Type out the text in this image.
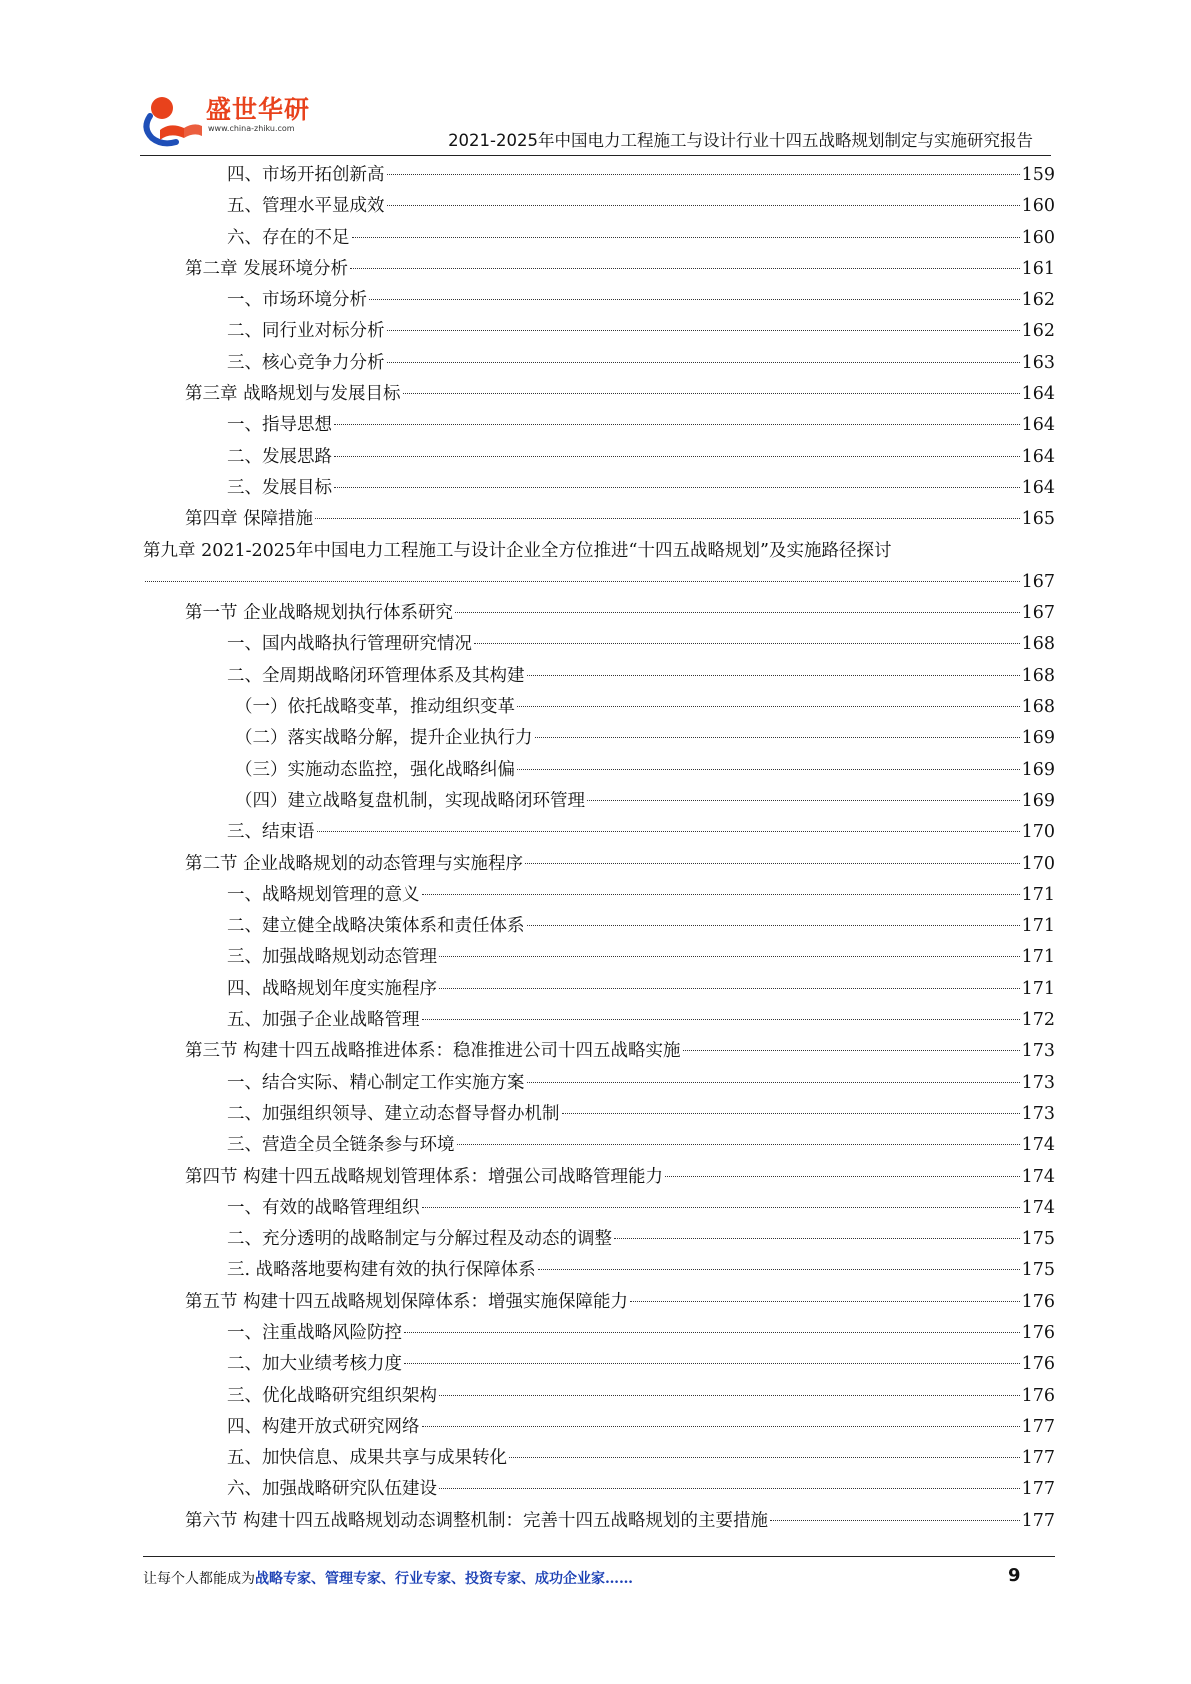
盛世华研
www.china-zhiku.com
2021-2025年中国电力工程施工与设计行业十四五战略规划制定与实施研究报告
四、市场开拓创新高	159
五、管理水平显成效	160
六、存在的不足	160
第二章 发展环境分析	161
一、市场环境分析	162
二、同行业对标分析	162
三、核心竞争力分析	163
第三章 战略规划与发展目标	164
一、指导思想	164
二、发展思路	164
三、发展目标	164
第四章 保障措施	165
第九章 2021-2025年中国电力工程施工与设计企业全方位推进“十四五战略规划”及实施路径探讨
167
第一节 企业战略规划执行体系研究	167
一、国内战略执行管理研究情况	168
二、全周期战略闭环管理体系及其构建	168
（一）依托战略变革，推动组织变革	168
（二）落实战略分解，提升企业执行力	169
（三）实施动态监控，强化战略纠偏	169
（四）建立战略复盘机制，实现战略闭环管理	169
三、结束语	170
第二节 企业战略规划的动态管理与实施程序	170
一、战略规划管理的意义	171
二、建立健全战略决策体系和责任体系	171
三、加强战略规划动态管理	171
四、战略规划年度实施程序	171
五、加强子企业战略管理	172
第三节 构建十四五战略推进体系：稳准推进公司十四五战略实施	173
一、结合实际、精心制定工作实施方案	173
二、加强组织领导、建立动态督导督办机制	173
三、营造全员全链条参与环境	174
第四节 构建十四五战略规划管理体系：增强公司战略管理能力	174
一、有效的战略管理组织	174
二、充分透明的战略制定与分解过程及动态的调整	175
三. 战略落地要构建有效的执行保障体系	175
第五节 构建十四五战略规划保障体系：增强实施保障能力	176
一、注重战略风险防控	176
二、加大业绩考核力度	176
三、优化战略研究组织架构	176
四、构建开放式研究网络	177
五、加快信息、成果共享与成果转化	177
六、加强战略研究队伍建设	177
第六节 构建十四五战略规划动态调整机制：完善十四五战略规划的主要措施	177
让每个人都能成为战略专家、管理专家、行业专家、投资专家、成功企业家……	9
